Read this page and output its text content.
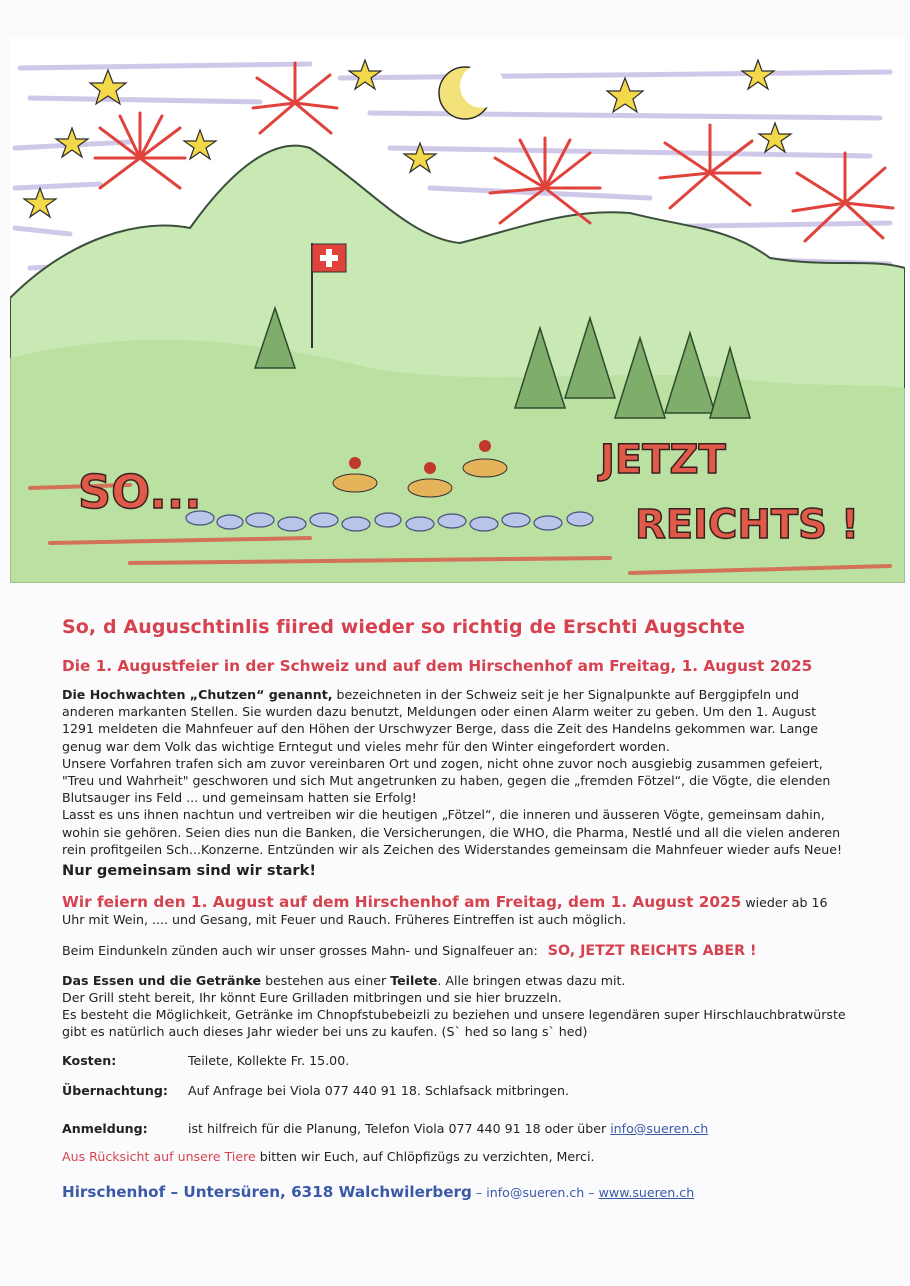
SO...
JETZT
REICHTS !
So, d Auguschtinlis fiired wieder so richtig de Erschti Augschte
Die 1. Augustfeier in der Schweiz und auf dem Hirschenhof am Freitag, 1. August 2025

Die Hochwachten „Chutzen“ genannt, bezeichneten in der Schweiz seit je her Signalpunkte auf Berggipfeln und anderen markanten Stellen. Sie wurden dazu benutzt, Meldungen oder einen Alarm weiter zu geben. Um den 1. August 1291 meldeten die Mahnfeuer auf den Höhen der Urschwyzer Berge, dass die Zeit des Handelns gekommen war. Lange genug war dem Volk das wichtige Erntegut und vieles mehr für den Winter eingefordert worden.

Unsere Vorfahren trafen sich am zuvor vereinbaren Ort und zogen, nicht ohne zuvor noch ausgiebig zusammen gefeiert, "Treu und Wahrheit" geschworen und sich Mut angetrunken zu haben, gegen die „fremden Fötzel“, die Vögte, die elenden Blutsauger ins Feld ... und gemeinsam hatten sie Erfolg!

Lasst es uns ihnen nachtun und vertreiben wir die heutigen „Fötzel“, die inneren und äusseren Vögte, gemeinsam dahin, wohin sie gehören. Seien dies nun die Banken, die Versicherungen, die WHO, die Pharma, Nestlé und all die vielen anderen rein profitgeilen Sch...Konzerne. Entzünden wir als Zeichen des Widerstandes gemeinsam die Mahnfeuer wieder aufs Neue!

Nur gemeinsam sind wir stark!

Wir feiern den 1. August auf dem Hirschenhof am Freitag, dem 1. August 2025 wieder ab 16 Uhr mit Wein, .... und Gesang, mit Feuer und Rauch. Früheres Eintreffen ist auch möglich.

Beim Eindunkeln zünden auch wir unser grosses Mahn- und Signalfeuer an: SO, JETZT REICHTS ABER !

Das Essen und die Getränke bestehen aus einer Teilete. Alle bringen etwas dazu mit.
Der Grill steht bereit, Ihr könnt Eure Grilladen mitbringen und sie hier bruzzeln.
Es besteht die Möglichkeit, Getränke im Chnopfstubebeizli zu beziehen und unsere legendären super Hirschlauchbratwürste gibt es natürlich auch dieses Jahr wieder bei uns zu kaufen. (S` hed so lang s` hed)

Kosten:	Teilete, Kollekte Fr. 15.00.
Übernachtung:	Auf Anfrage bei Viola 077 440 91 18. Schlafsack mitbringen.
Anmeldung:	ist hilfreich für die Planung, Telefon Viola 077 440 91 18 oder über info@sueren.ch

Aus Rücksicht auf unsere Tiere bitten wir Euch, auf Chlöpfizügs zu verzichten, Merci.

Hirschenhof – Untersüren, 6318 Walchwilerberg – info@sueren.ch – www.sueren.ch
